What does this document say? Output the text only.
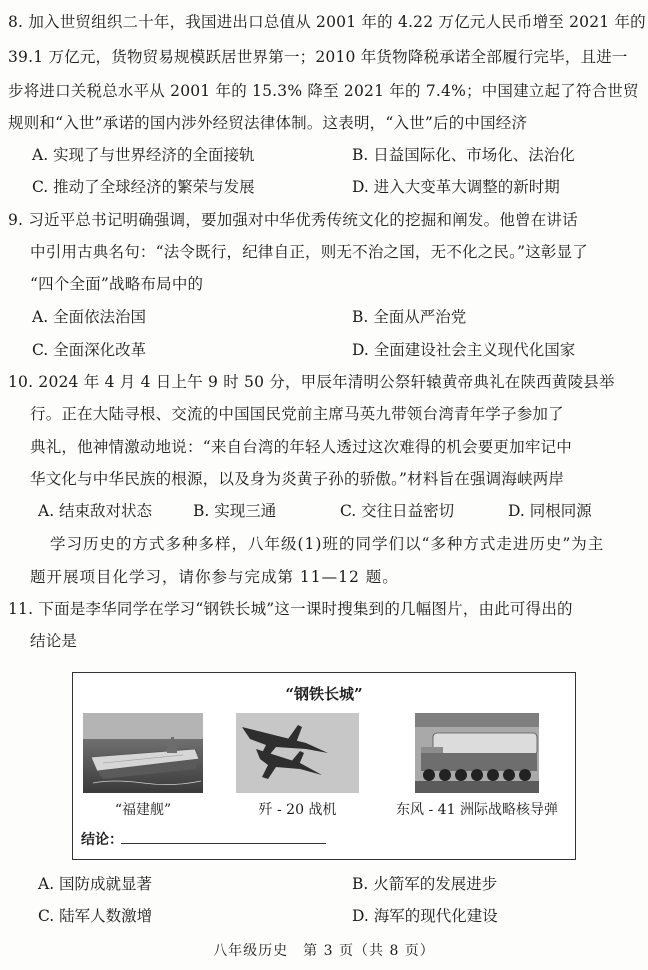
8. 加入世贸组织二十年，我国进出口总值从 2001 年的 4.22 万亿元人民币增至 2021 年的
39.1 万亿元，货物贸易规模跃居世界第一；2010 年货物降税承诺全部履行完毕，且进一
步将进口关税总水平从 2001 年的 15.3% 降至 2021 年的 7.4%；中国建立起了符合世贸
规则和“入世”承诺的国内涉外经贸法律体制。这表明，“入世”后的中国经济
A. 实现了与世界经济的全面接轨	B. 日益国际化、市场化、法治化
C. 推动了全球经济的繁荣与发展	D. 进入大变革大调整的新时期
9. 习近平总书记明确强调，要加强对中华优秀传统文化的挖掘和阐发。他曾在讲话
中引用古典名句：“法令既行，纪律自正，则无不治之国，无不化之民。”这彰显了
“四个全面”战略布局中的
A. 全面依法治国	B. 全面从严治党
C. 全面深化改革	D. 全面建设社会主义现代化国家
10. 2024 年 4 月 4 日上午 9 时 50 分，甲辰年清明公祭轩辕黄帝典礼在陕西黄陵县举
行。正在大陆寻根、交流的中国国民党前主席马英九带领台湾青年学子参加了
典礼，他神情激动地说：“来自台湾的年轻人透过这次难得的机会要更加牢记中
华文化与中华民族的根源，以及身为炎黄子孙的骄傲。”材料旨在强调海峡两岸
A. 结束敌对状态	B. 实现三通	C. 交往日益密切	D. 同根同源
学习历史的方式多种多样，八年级(1)班的同学们以“多种方式走进历史”为主
题开展项目化学习，请你参与完成第 11—12 题。
11. 下面是李华同学在学习“钢铁长城”这一课时搜集到的几幅图片，由此可得出的
结论是
“钢铁长城”
“福建舰”	歼 - 20 战机	东风 - 41 洲际战略核导弹
结论：
A. 国防成就显著	B. 火箭军的发展进步
C. 陆军人数激增	D. 海军的现代化建设
八年级历史　第 3 页（共 8 页）
